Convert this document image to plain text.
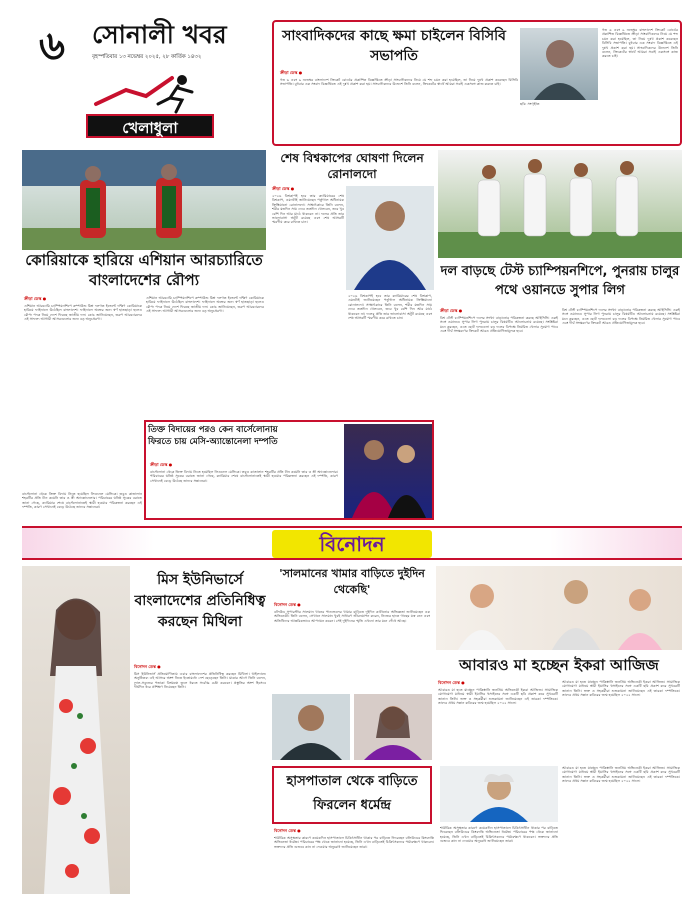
৬	সোনালী খবর
বৃহস্পতিবার ১৩ নভেম্বর ২০২৫, ২৮ কার্তিক ১৪৩২
খেলাধুলা
সাংবাদিকদের কাছে ক্ষমা চাইলেন বিসিবি সভাপতি
ক্রীড়া ডেস্ক ●
গত ৬ এবং ৯ নভেম্বর বাংলাদেশ ক্রিকেট বোর্ডের প্রকাশিত বিজ্ঞপ্তিতে ক্রীড়া সাংবাদিকদের নিয়ে যে শব্দ চয়ন করা হয়েছিল, তা নিয়ে দুঃখ প্রকাশ করেছেন বিসিবি সভাপতি। বুধবার এক সংবাদ বিজ্ঞপ্তিতে এই দুঃখ প্রকাশ করা হয়। সাংবাদিকদের উদ্দেশে তিনি বলেন, ক্রিকেটের স্বার্থে আমরা সবাই একসঙ্গে কাজ করতে চাই।
ছবি: সংগৃহীত
গত ৬ এবং ৯ নভেম্বর বাংলাদেশ ক্রিকেট বোর্ডের প্রকাশিত বিজ্ঞপ্তিতে ক্রীড়া সাংবাদিকদের নিয়ে যে শব্দ চয়ন করা হয়েছিল, তা নিয়ে দুঃখ প্রকাশ করেছেন বিসিবি সভাপতি। বুধবার এক সংবাদ বিজ্ঞপ্তিতে এই দুঃখ প্রকাশ করা হয়। সাংবাদিকদের উদ্দেশে তিনি বলেন, ক্রিকেটের স্বার্থে আমরা সবাই একসঙ্গে কাজ করতে চাই।
কোরিয়াকে হারিয়ে এশিয়ান আরচ্যারিতে বাংলাদেশের রৌপ্য
ক্রীড়া ডেস্ক ●
এশিয়ান আরচ্যারি চ্যাম্পিয়নশিপে কম্পাউন্ড মিশ্র দলগত ইভেন্টে দক্ষিণ কোরিয়াকে হারিয়ে ফাইনালে উঠেছিল বাংলাদেশ। ফাইনালে অল্পের জন্য স্বর্ণ হাতছাড়া হলেও রৌপ্য পদক নিয়ে দেশে ফিরছে জাতীয় দল। কোচ জানিয়েছেন, তরুণ আরচ্যারদের এই সাফল্য আগামী আসরগুলোর জন্য বড় অনুপ্রেরণা।
এশিয়ান আরচ্যারি চ্যাম্পিয়নশিপে কম্পাউন্ড মিশ্র দলগত ইভেন্টে দক্ষিণ কোরিয়াকে হারিয়ে ফাইনালে উঠেছিল বাংলাদেশ। ফাইনালে অল্পের জন্য স্বর্ণ হাতছাড়া হলেও রৌপ্য পদক নিয়ে দেশে ফিরছে জাতীয় দল। কোচ জানিয়েছেন, তরুণ আরচ্যারদের এই সাফল্য আগামী আসরগুলোর জন্য বড় অনুপ্রেরণা।
শেষ বিশ্বকাপের ঘোষণা দিলেন রোনালদো
ক্রীড়া ডেস্ক ●
২০২৬ বিশ্বকাপই হবে তার ক্যারিয়ারের শেষ বিশ্বকাপ, এমনটাই জানিয়েছেন পর্তুগাল অধিনায়ক ক্রিস্তিয়ানো রোনালদো। সাক্ষাৎকারে তিনি বলেন, শরীর যতদিন সায় দেবে ততদিন খেলবেন, তবে খুব বেশি দিন আর মাঠে থাকবেন না। দলের প্রতি তার ভালোবাসা অটুট রয়েছে এবং শেষ আসরটি স্মরণীয় করে রাখতে চান।
২০২৬ বিশ্বকাপই হবে তার ক্যারিয়ারের শেষ বিশ্বকাপ, এমনটাই জানিয়েছেন পর্তুগাল অধিনায়ক ক্রিস্তিয়ানো রোনালদো। সাক্ষাৎকারে তিনি বলেন, শরীর যতদিন সায় দেবে ততদিন খেলবেন, তবে খুব বেশি দিন আর মাঠে থাকবেন না। দলের প্রতি তার ভালোবাসা অটুট রয়েছে এবং শেষ আসরটি স্মরণীয় করে রাখতে চান।
দল বাড়ছে টেস্ট চ্যাম্পিয়নশিপে, পুনরায় চালুর পথে ওয়ানডে সুপার লিগ
ক্রীড়া ডেস্ক ●
বিশ্ব টেস্ট চ্যাম্পিয়নশিপে দলের সংখ্যা বাড়ানোর পরিকল্পনা করছে আইসিসি। একই সঙ্গে ওয়ানডে সুপার লিগ পুনরায় চালুর বিষয়টিও আলোচনায় রয়েছে। সংশ্লিষ্টরা মনে করছেন, এতে ছোট দলগুলো বড় দলের বিপক্ষে নিয়মিত খেলার সুযোগ পাবে এবং দীর্ঘ সংস্করণের ক্রিকেট আরও প্রতিযোগিতামূলক হবে।
বিশ্ব টেস্ট চ্যাম্পিয়নশিপে দলের সংখ্যা বাড়ানোর পরিকল্পনা করছে আইসিসি। একই সঙ্গে ওয়ানডে সুপার লিগ পুনরায় চালুর বিষয়টিও আলোচনায় রয়েছে। সংশ্লিষ্টরা মনে করছেন, এতে ছোট দলগুলো বড় দলের বিপক্ষে নিয়মিত খেলার সুযোগ পাবে এবং দীর্ঘ সংস্করণের ক্রিকেট আরও প্রতিযোগিতামূলক হবে।
তিক্ত বিদায়ের পরও কেন বার্সেলোনায় ফিরতে চায় মেসি-অ্যান্তোনেলা দম্পতি
ক্রীড়া ডেস্ক ●
বার্সেলোনা থেকে তিক্ত বিদায় নিতে হয়েছিল লিওনেল মেসিকে। তবুও কাতালান শহরটির প্রতি টান কমেনি তার ও স্ত্রী অ্যান্তোনেলার। পরিবারের ঘনিষ্ঠ সূত্রের বরাতে জানা গেছে, ক্যারিয়ার শেষে বার্সেলোনাতেই স্থায়ী হওয়ার পরিকল্পনা করছেন এই দম্পতি, কারণ সেখানেই বেড়ে উঠেছে তাদের সন্তানেরা।
বার্সেলোনা থেকে তিক্ত বিদায় নিতে হয়েছিল লিওনেল মেসিকে। তবুও কাতালান শহরটির প্রতি টান কমেনি তার ও স্ত্রী অ্যান্তোনেলার। পরিবারের ঘনিষ্ঠ সূত্রের বরাতে জানা গেছে, ক্যারিয়ার শেষে বার্সেলোনাতেই স্থায়ী হওয়ার পরিকল্পনা করছেন এই দম্পতি, কারণ সেখানেই বেড়ে উঠেছে তাদের সন্তানেরা।
বিনোদন
মিস ইউনিভার্সে বাংলাদেশের প্রতিনিধিত্ব করছেন মিথিলা
বিনোদন ডেস্ক ●
মিস ইউনিভার্স প্রতিযোগিতায় এবার বাংলাদেশের প্রতিনিধিত্ব করছেন মিথিলা। থাইল্যান্ডে অনুষ্ঠিতব্য এই আসরে অংশ নিতে ইতোমধ্যে দেশ ছেড়েছেন তিনি। যাত্রার আগে তিনি বলেন, লাল-সবুজের পতাকা বিশ্বমঞ্চে তুলে ধরতে সর্বোচ্চ চেষ্টা করবেন। প্রস্তুতির অংশ হিসেবে দীর্ঘদিন ধরে প্রশিক্ষণ নিয়েছেন তিনি।
'সালমানের খামার বাড়িতে দুইদিন থেকেছি'
বিনোদন ডেস্ক ●
বলিউড সুপারস্টার সালমান খানের পানভেলের খামার বাড়িতে দুইদিন কাটানোর অভিজ্ঞতা জানিয়েছেন এক অভিনেত্রী। তিনি বলেন, সেখানে সালমান খুবই সাধারণ জীবনযাপন করেন, নিজের হাতে গাছের যত্ন নেন এবং অতিথিদের আন্তরিকভাবে আপ্যায়ন করেন। সেই দুইদিনের স্মৃতি এখনো তার মনে গেঁথে আছে।
আবারও মা হচ্ছেন ইকরা আজিজ
বিনোদন ডেস্ক ●
আবারও মা হতে যাচ্ছেন পাকিস্তানি জনপ্রিয় অভিনেত্রী ইকরা আজিজ। সামাজিক যোগাযোগ মাধ্যমে স্বামী ইয়াসির হুসাইনের সঙ্গে একটি ছবি প্রকাশ করে সুখবরটি জানান তিনি। ভক্ত ও সহকর্মীরা শুভকামনা জানিয়েছেন এই তারকা দম্পতিকে। তাদের প্রথম সন্তান কবিরের জন্ম হয়েছিল ২০২২ সালে।
আবারও মা হতে যাচ্ছেন পাকিস্তানি জনপ্রিয় অভিনেত্রী ইকরা আজিজ। সামাজিক যোগাযোগ মাধ্যমে স্বামী ইয়াসির হুসাইনের সঙ্গে একটি ছবি প্রকাশ করে সুখবরটি জানান তিনি। ভক্ত ও সহকর্মীরা শুভকামনা জানিয়েছেন এই তারকা দম্পতিকে। তাদের প্রথম সন্তান কবিরের জন্ম হয়েছিল ২০২২ সালে।
হাসপাতাল থেকে বাড়িতে ফিরলেন ধর্মেন্দ্র
বিনোদন ডেস্ক ●
শারীরিক অসুস্থতার কারণে কয়েকদিন হাসপাতালে চিকিৎসাধীন থাকার পর বাড়িতে ফিরেছেন বলিউডের কিংবদন্তি অভিনেতা ধর্মেন্দ্র। পরিবারের পক্ষ থেকে জানানো হয়েছে, তিনি এখন বাড়িতেই চিকিৎসকদের পর্যবেক্ষণে থাকবেন। ভক্তদের প্রতি গুজবে কান না দেওয়ার অনুরোধ জানিয়েছেন তারা।
শারীরিক অসুস্থতার কারণে কয়েকদিন হাসপাতালে চিকিৎসাধীন থাকার পর বাড়িতে ফিরেছেন বলিউডের কিংবদন্তি অভিনেতা ধর্মেন্দ্র। পরিবারের পক্ষ থেকে জানানো হয়েছে, তিনি এখন বাড়িতেই চিকিৎসকদের পর্যবেক্ষণে থাকবেন। ভক্তদের প্রতি গুজবে কান না দেওয়ার অনুরোধ জানিয়েছেন তারা।
আবারও মা হতে যাচ্ছেন পাকিস্তানি জনপ্রিয় অভিনেত্রী ইকরা আজিজ। সামাজিক যোগাযোগ মাধ্যমে স্বামী ইয়াসির হুসাইনের সঙ্গে একটি ছবি প্রকাশ করে সুখবরটি জানান তিনি। ভক্ত ও সহকর্মীরা শুভকামনা জানিয়েছেন এই তারকা দম্পতিকে। তাদের প্রথম সন্তান কবিরের জন্ম হয়েছিল ২০২২ সালে।
